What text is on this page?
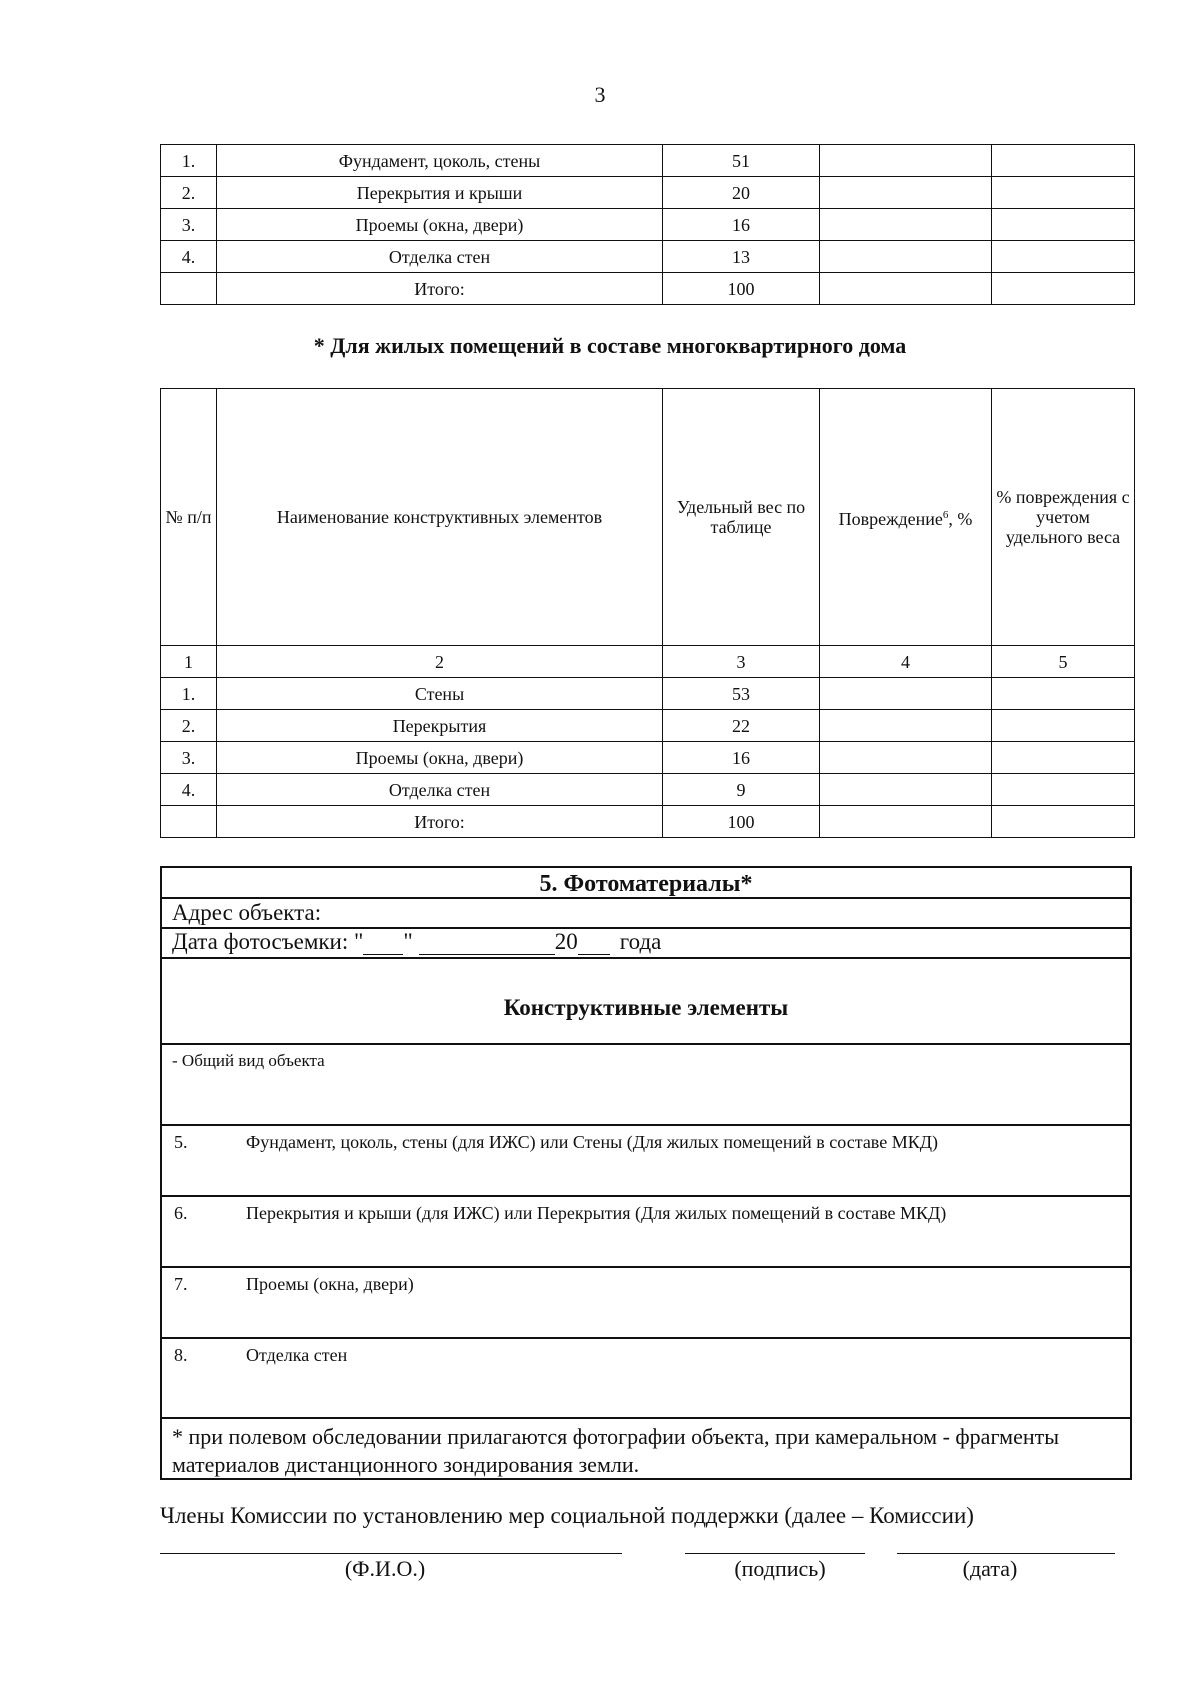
3
1.	Фундамент, цоколь, стены	51		
2.	Перекрытия и крыши	20		
3.	Проемы (окна, двери)	16		
4.	Отделка стен	13		
	Итого:	100		
* Для жилых помещений в составе многоквартирного дома
№ п/п	Наименование конструктивных элементов	Удельный вес по таблице	Повреждение$^6$, %	% повреждения с учетом удельного веса
1	2	3	4	5
1.	Стены	53		
2.	Перекрытия	22		
3.	Проемы (окна, двери)	16		
4.	Отделка стен	9		
	Итого:	100		
5. Фотоматериалы*
Адрес объекта:
Дата фотосъемки: " "	20 года
Конструктивные элементы
- Общий вид объекта
5.	Фундамент, цоколь, стены (для ИЖС) или Стены (Для жилых помещений в составе МКД)
6.	Перекрытия и крыши (для ИЖС) или Перекрытия (Для жилых помещений в составе МКД)
7.	Проемы (окна, двери)
8.	Отделка стен
* при полевом обследовании прилагаются фотографии объекта, при камеральном - фрагменты материалов дистанционного зондирования земли.
Члены Комиссии по установлению мер социальной поддержки (далее – Комиссии)
(Ф.И.О.)	(подпись)	(дата)
